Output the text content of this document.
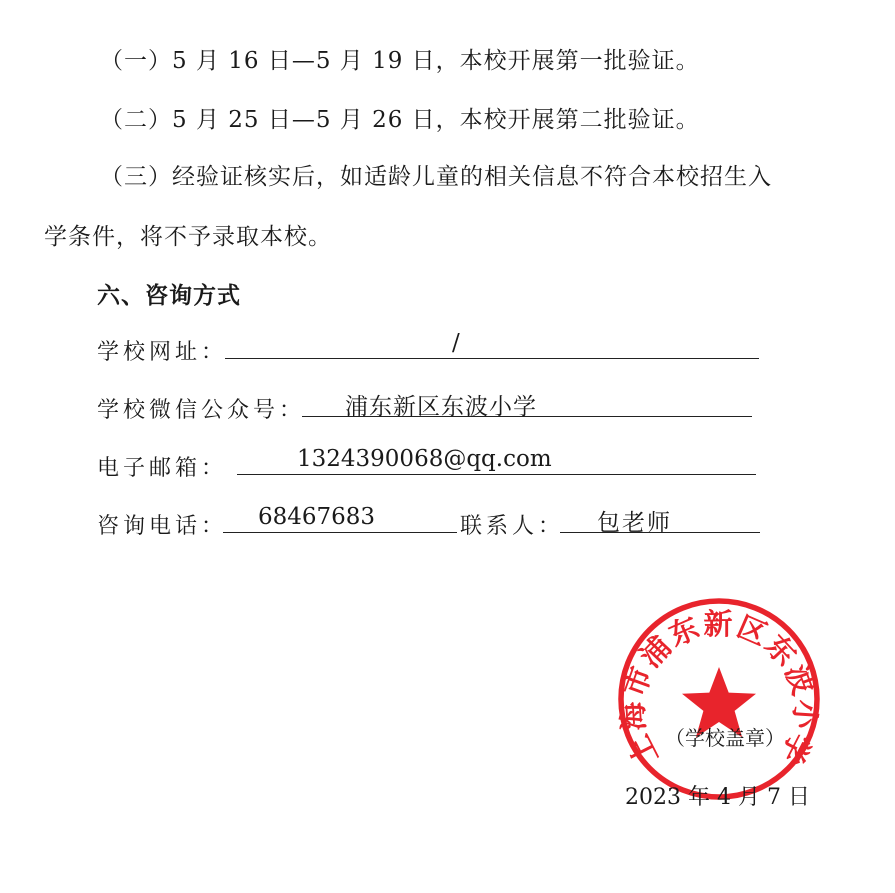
（一）5 月 16 日—5 月 19 日，本校开展第一批验证。
（二）5 月 25 日—5 月 26 日，本校开展第二批验证。
（三）经验证核实后，如适龄儿童的相关信息不符合本校招生入
学条件，将不予录取本校。
六、咨询方式
学校网址：	/
学校微信公众号： 浦东新区东波小学
电子邮箱：	1324390068@qq.com
咨询电话： 68467683	联系人： 包老师
上海市浦东新区东波小学
（学校盖章）
2023 年 4 月 7 日
